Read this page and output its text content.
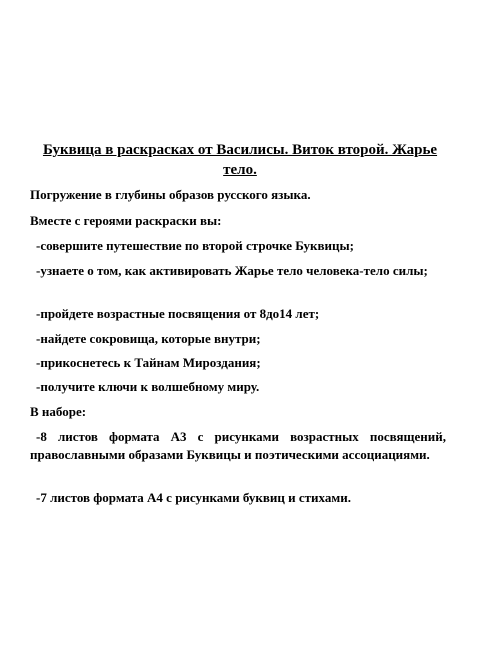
Буквица в раскрасках от Василисы. Виток второй. Жарье тело.

Погружение в глубины образов русского языка.

Вместе с героями раскраски вы:

-совершите путешествие по второй строчке Буквицы;

-узнаете о том, как активировать Жарье тело человека-тело силы;

-пройдете возрастные посвящения от 8до14 лет;

-найдете сокровища, которые внутри;

-прикоснетесь к Тайнам Мироздания;

-получите ключи к волшебному миру.

В наборе:

-8 листов формата А3 с рисунками возрастных посвящений, православными образами Буквицы и поэтическими ассоциациями.

-7 листов формата А4 с рисунками буквиц и стихами.
